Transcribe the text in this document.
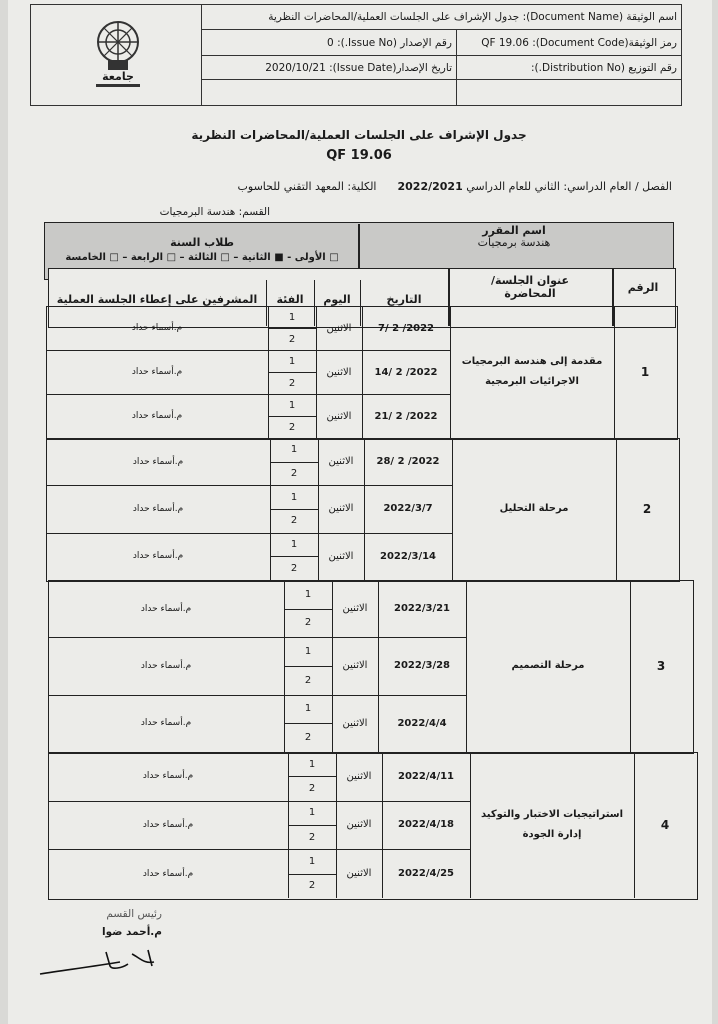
اسم الوثيقة (Document Name): جدول الإشراف على الجلسات العملية/المحاضرات النظرية
رمز الوثيقة(Document Code): QF 19.06
رقم الإصدار (Issue No.): 0
رقم التوزيع (Distribution No.):
تاريخ الإصدار(Issue Date): 2020/10/21
جامعة
جدول الإشراف على الجلسات العملية/المحاضرات النظرية
QF 19.06
الفصل / العام الدراسي: الثاني للعام الدراسي 2022/2021  الكلية: المعهد التقني للحاسوب
القسم: هندسة البرمجيات
اسم المقرر
هندسة برمجيات
طلاب السنة
□ الأولى - ■ الثانية – □ الثالثة – □ الرابعة – □ الخامسة
الرقم
عنوان الجلسة/المحاضرة
التاريخ
اليوم
الفئة
المشرفين على إعطاء الجلسة العملية
1
مقدمة إلى هندسة البرمجيات
الاجرائيات البرمجية
2022/ 2 /7
الاثنين
م.أسماء حداد
1
2
2022/ 2 /14
الاثنين
م.أسماء حداد
1
2
2022/ 2 /21
الاثنين
م.أسماء حداد
1
2
2
مرحلة التحليل
2022/ 2 /28
الاثنين
م.أسماء حداد
1
2
2022/3/7
الاثنين
م.أسماء حداد
1
2
2022/3/14
الاثنين
م.أسماء حداد
1
2
3
مرحلة التصميم
2022/3/21
الاثنين
م.أسماء حداد
1
2
2022/3/28
الاثنين
م.أسماء حداد
1
2
2022/4/4
الاثنين
م.أسماء حداد
1
2
4
استراتيجيات الاختبار والتوكيد
إدارة الجودة
2022/4/11
الاثنين
م.أسماء حداد
1
2
2022/4/18
الاثنين
م.أسماء حداد
1
2
2022/4/25
الاثنين
م.أسماء حداد
1
2
رئيس القسم
م.أحمد ضوا
